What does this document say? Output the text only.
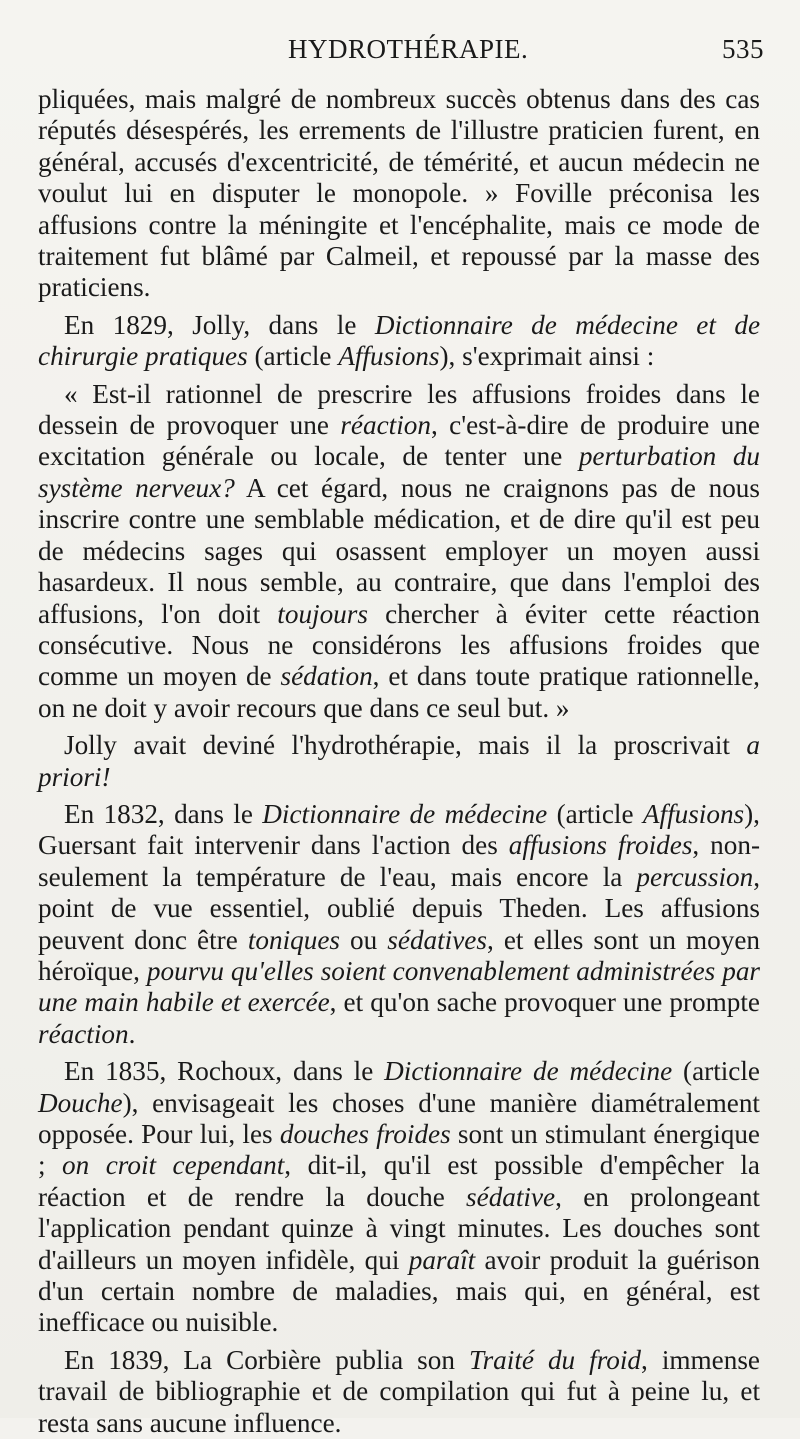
HYDROTHÉRAPIE.	535

pliquées, mais malgré de nombreux succès obtenus dans des cas réputés désespérés, les errements de l'illustre praticien furent, en général, accusés d'excentricité, de témérité, et aucun médecin ne voulut lui en disputer le monopole. » Foville préconisa les affusions contre la méningite et l'encéphalite, mais ce mode de traitement fut blâmé par Calmeil, et repoussé par la masse des praticiens.

En 1829, Jolly, dans le Dictionnaire de médecine et de chirurgie pratiques (article Affusions), s'exprimait ainsi :

« Est-il rationnel de prescrire les affusions froides dans le dessein de provoquer une réaction, c'est-à-dire de produire une excitation générale ou locale, de tenter une perturbation du système nerveux? A cet égard, nous ne craignons pas de nous inscrire contre une semblable médication, et de dire qu'il est peu de médecins sages qui osassent employer un moyen aussi hasardeux. Il nous semble, au contraire, que dans l'emploi des affusions, l'on doit toujours chercher à éviter cette réaction consécutive. Nous ne considérons les affusions froides que comme un moyen de sédation, et dans toute pratique rationnelle, on ne doit y avoir recours que dans ce seul but. »

Jolly avait deviné l'hydrothérapie, mais il la proscrivait a priori!

En 1832, dans le Dictionnaire de médecine (article Affusions), Guersant fait intervenir dans l'action des affusions froides, non-seulement la température de l'eau, mais encore la percussion, point de vue essentiel, oublié depuis Theden. Les affusions peuvent donc être toniques ou sédatives, et elles sont un moyen héroïque, pourvu qu'elles soient convenablement administrées par une main habile et exercée, et qu'on sache provoquer une prompte réaction.

En 1835, Rochoux, dans le Dictionnaire de médecine (article Douche), envisageait les choses d'une manière diamétralement opposée. Pour lui, les douches froides sont un stimulant énergique ; on croit cependant, dit-il, qu'il est possible d'empêcher la réaction et de rendre la douche sédative, en prolongeant l'application pendant quinze à vingt minutes. Les douches sont d'ailleurs un moyen infidèle, qui paraît avoir produit la guérison d'un certain nombre de maladies, mais qui, en général, est inefficace ou nuisible.

En 1839, La Corbière publia son Traité du froid, immense travail de bibliographie et de compilation qui fut à peine lu, et resta sans aucune influence.
